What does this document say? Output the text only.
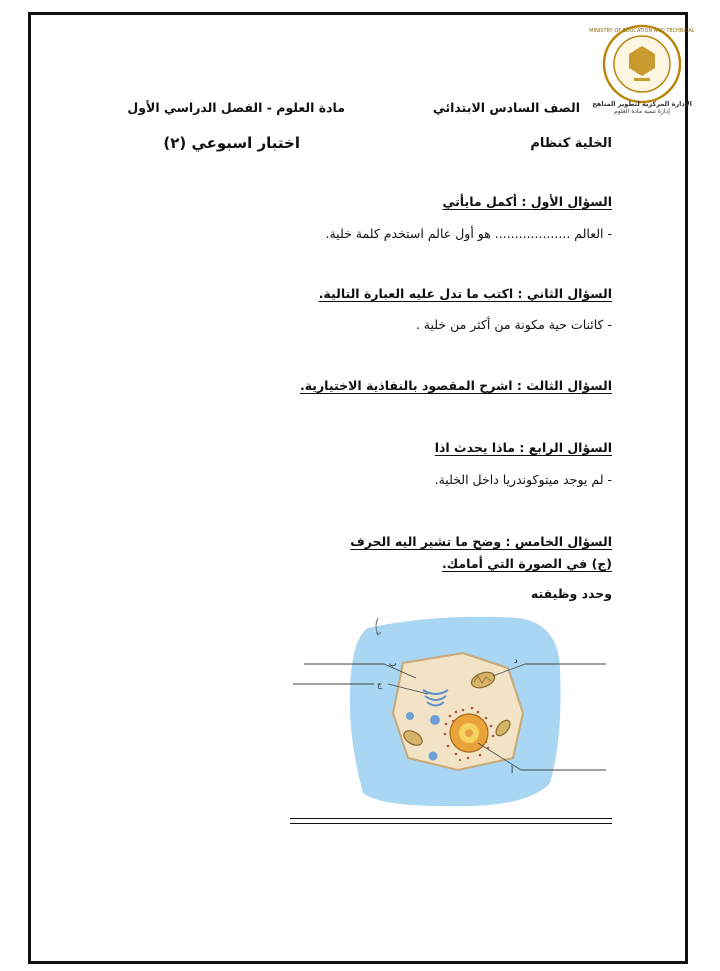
MINISTRY OF EDUCATION AND TECHNICAL
الإدارة المركزية لتطوير المناهج
إدارة تنمية مادة العلوم
الصف السادس الابتدائي
مادة العلوم - الفصل الدراسي الأول
الخلية كنظام
اختبار اسبوعي (٢)
السؤال الأول : أكمل مايأتي
- العالم ................... هو أول عالم استخدم كلمة خلية.
السؤال الثاني : اكتب ما تدل عليه العبارة التالية.
- كائنات حية مكونة من أكثر من خلية .
السؤال الثالث : اشرح المقصود بالنفاذية الاختيارية.
السؤال الرابع : ماذا يحدث اذا
- لم يوجد ميتوكوندريا داخل الخلية.
السؤال الخامس : وضح ما تشير اليه الحرف
(ج) في الصورة التي أمامك.
وحدد وظيفته
ب
ج
د
أ
